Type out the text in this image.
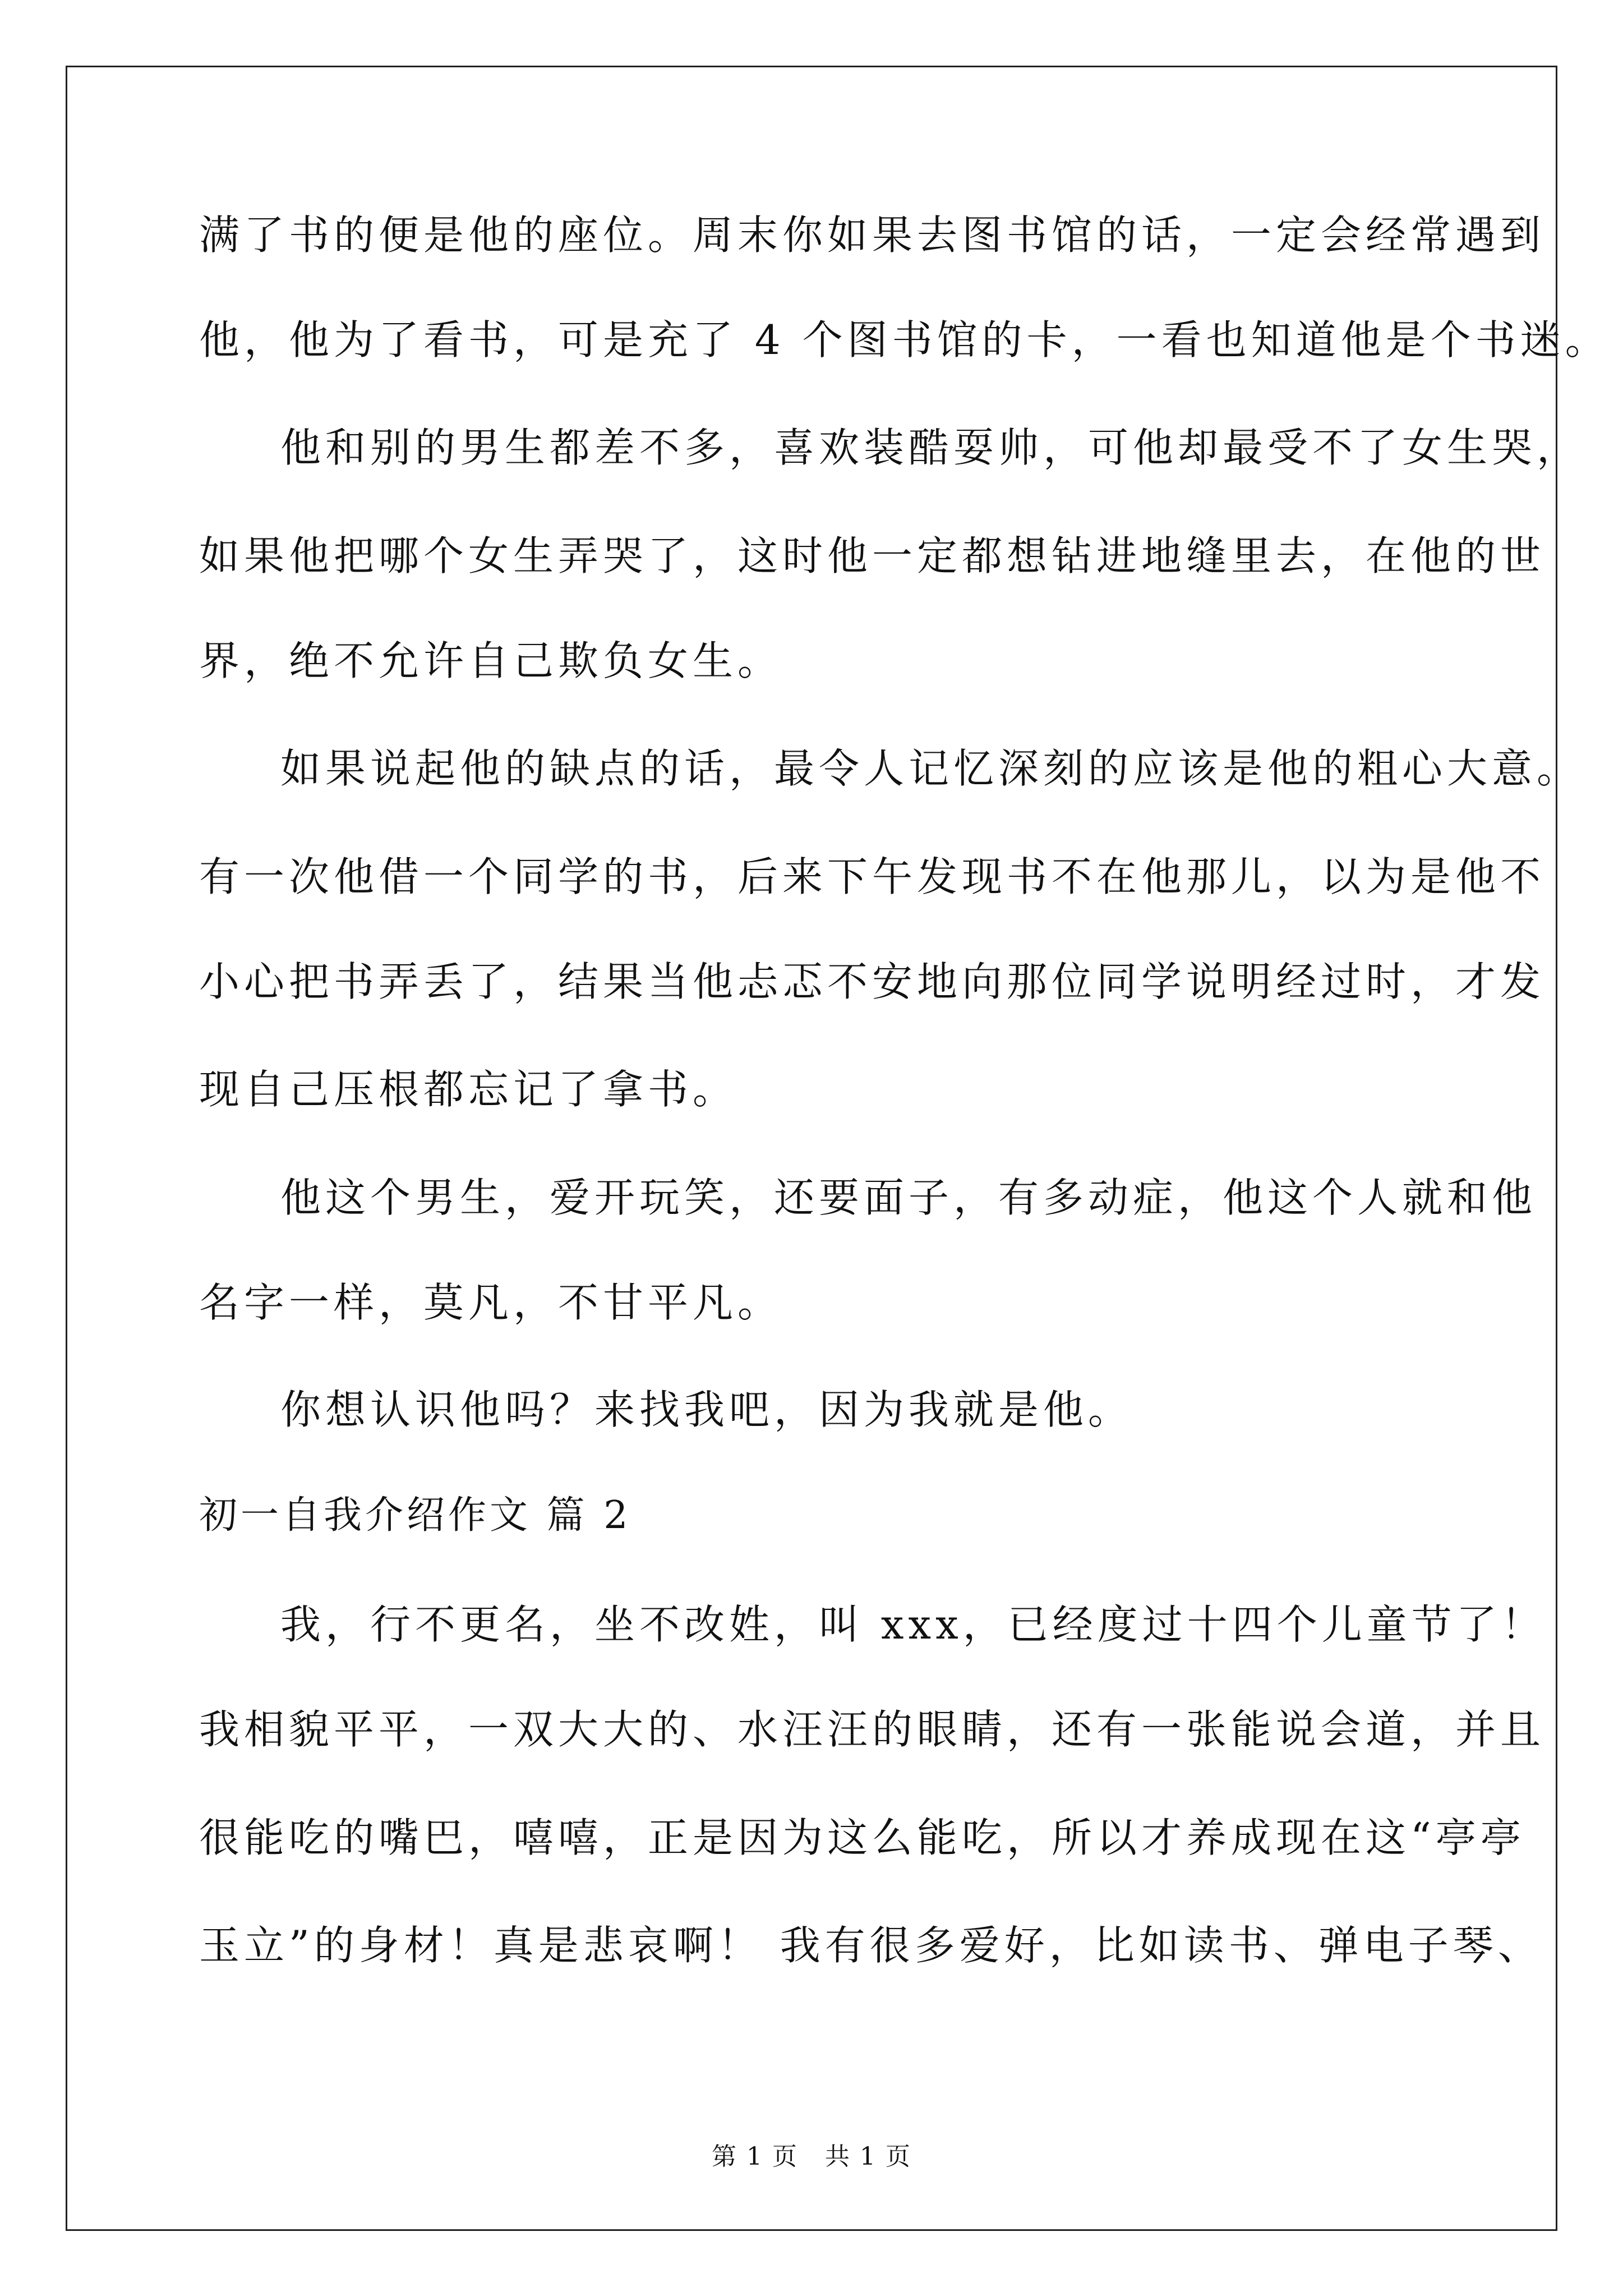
满了书的便是他的座位。周末你如果去图书馆的话，一定会经常遇到
他，他为了看书，可是充了 4 个图书馆的卡，一看也知道他是个书迷。
他和别的男生都差不多，喜欢装酷耍帅，可他却最受不了女生哭，
如果他把哪个女生弄哭了，这时他一定都想钻进地缝里去，在他的世
界，绝不允许自己欺负女生。
如果说起他的缺点的话，最令人记忆深刻的应该是他的粗心大意。
有一次他借一个同学的书，后来下午发现书不在他那儿，以为是他不
小心把书弄丢了，结果当他忐忑不安地向那位同学说明经过时，才发
现自己压根都忘记了拿书。
他这个男生，爱开玩笑，还要面子，有多动症，他这个人就和他
名字一样，莫凡，不甘平凡。
你想认识他吗？来找我吧，因为我就是他。
初一自我介绍作文 篇 2
我，行不更名，坐不改姓，叫 xxx，已经度过十四个儿童节了！
我相貌平平，一双大大的、水汪汪的眼睛，还有一张能说会道，并且
很能吃的嘴巴，嘻嘻，正是因为这么能吃，所以才养成现在这“亭亭
玉立”的身材！真是悲哀啊！ 我有很多爱好，比如读书、弹电子琴、
第 1 页   共 1 页
